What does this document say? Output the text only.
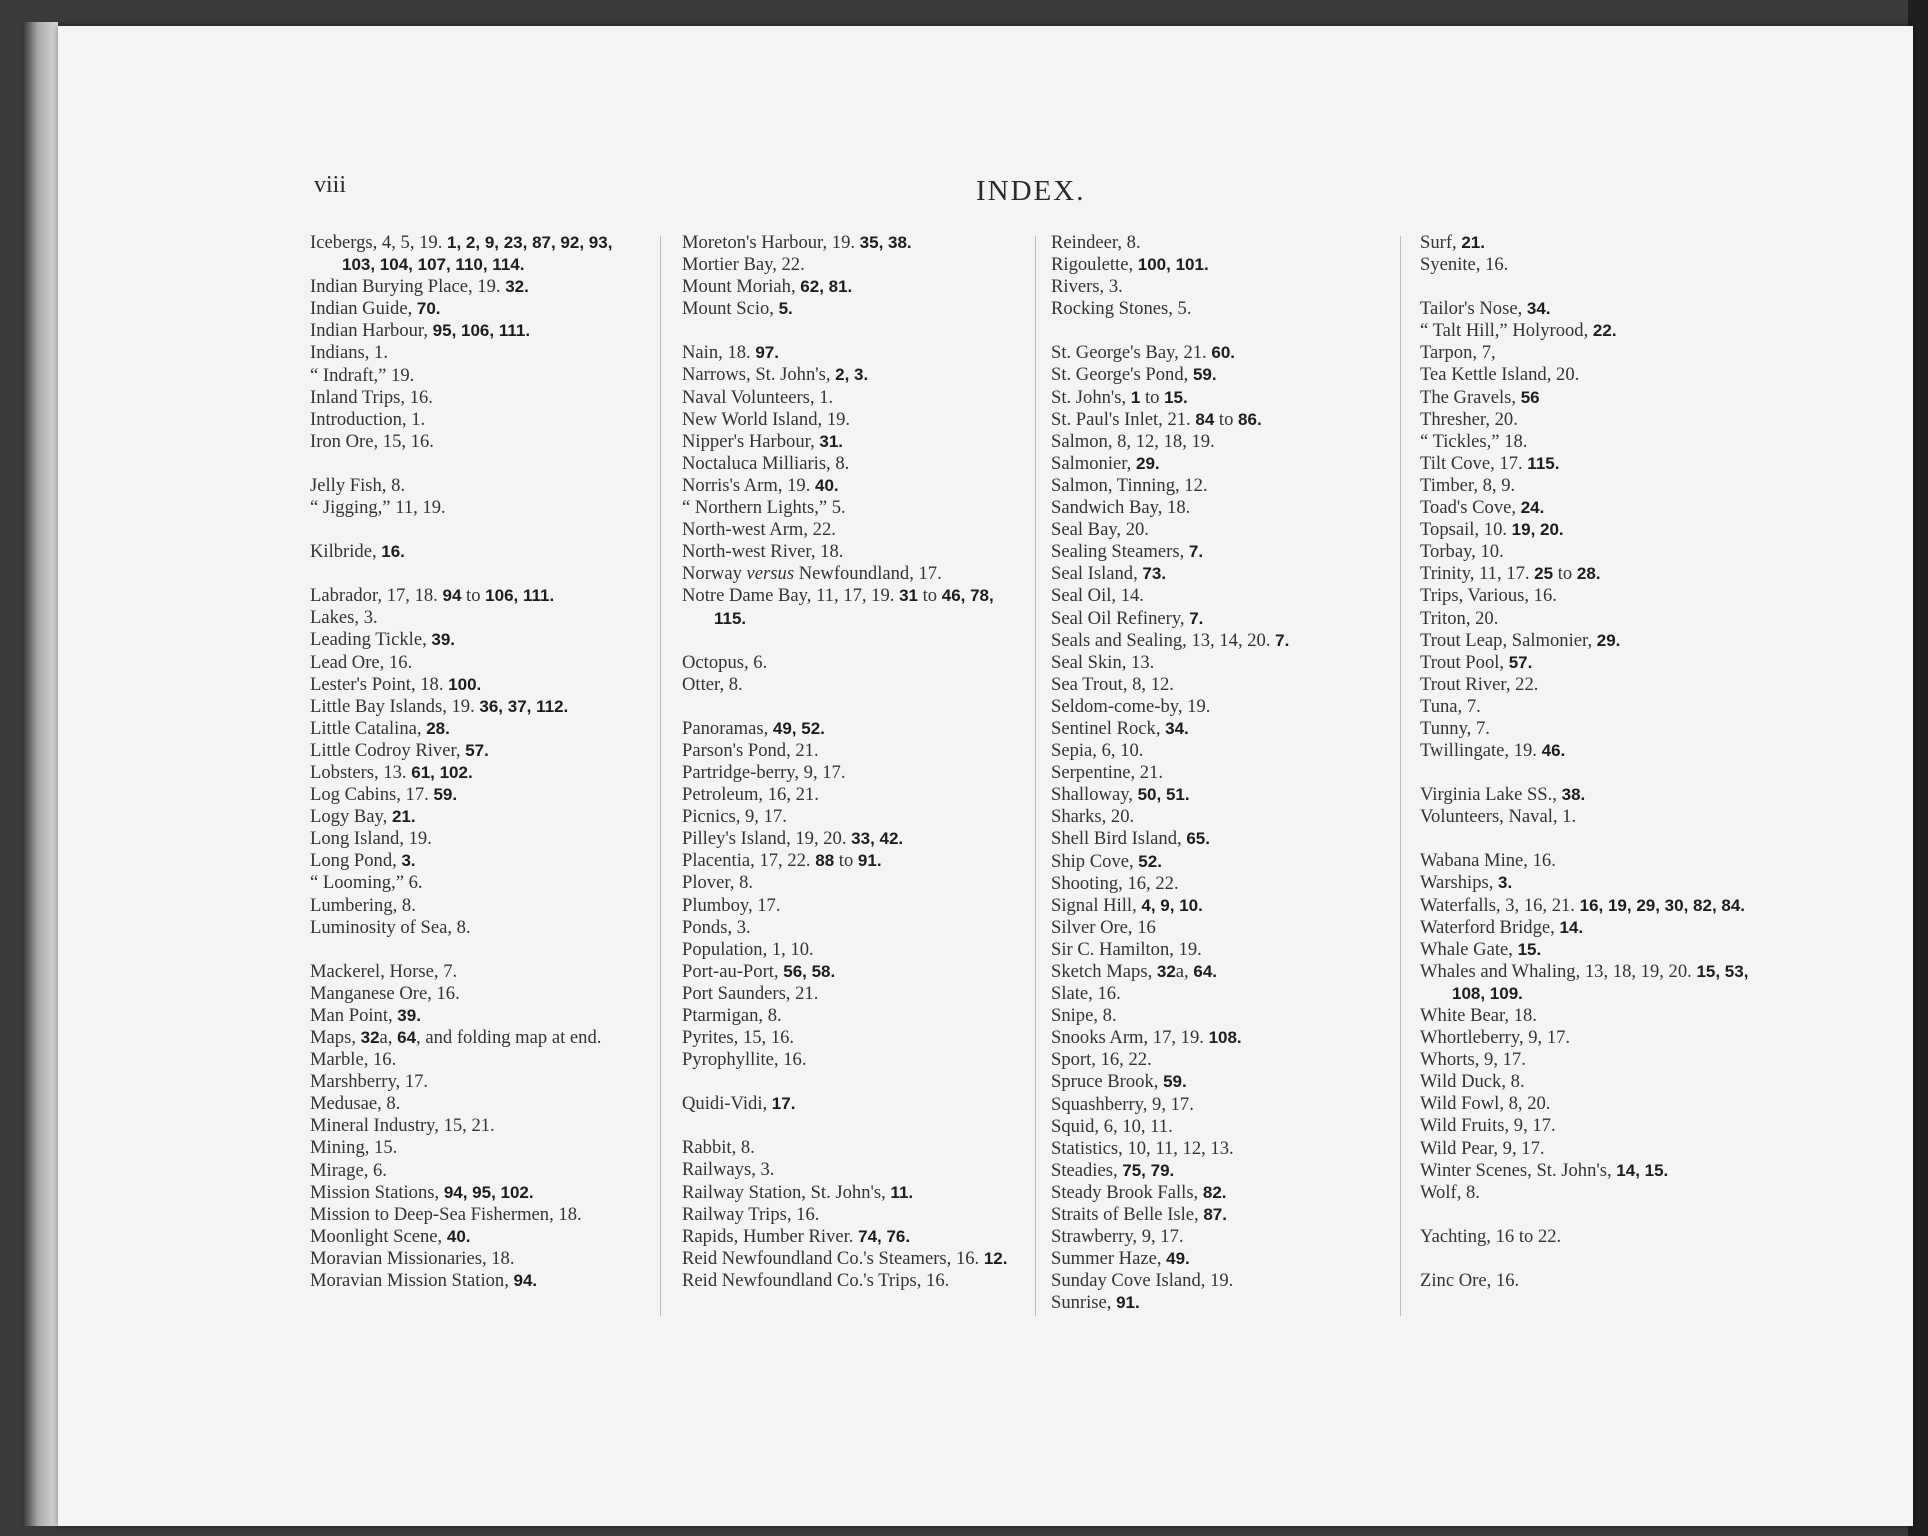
viii	INDEX.
Icebergs, 4, 5, 19. 1, 2, 9, 23, 87, 92, 93, 103, 104, 107, 110, 114.
Indian Burying Place, 19. 32.
Indian Guide, 70.
Indian Harbour, 95, 106, 111.
Indians, 1.
“ Indraft,” 19.
Inland Trips, 16.
Introduction, 1.
Iron Ore, 15, 16.
Jelly Fish, 8.
“ Jigging,” 11, 19.
Kilbride, 16.
Labrador, 17, 18. 94 to 106, 111.
Lakes, 3.
Leading Tickle, 39.
Lead Ore, 16.
Lester's Point, 18. 100.
Little Bay Islands, 19. 36, 37, 112.
Little Catalina, 28.
Little Codroy River, 57.
Lobsters, 13. 61, 102.
Log Cabins, 17. 59.
Logy Bay, 21.
Long Island, 19.
Long Pond, 3.
“ Looming,” 6.
Lumbering, 8.
Luminosity of Sea, 8.
Mackerel, Horse, 7.
Manganese Ore, 16.
Man Point, 39.
Maps, 32a, 64, and folding map at end.
Marble, 16.
Marshberry, 17.
Medusae, 8.
Mineral Industry, 15, 21.
Mining, 15.
Mirage, 6.
Mission Stations, 94, 95, 102.
Mission to Deep-Sea Fishermen, 18.
Moonlight Scene, 40.
Moravian Missionaries, 18.
Moravian Mission Station, 94.
Moreton's Harbour, 19. 35, 38.
Mortier Bay, 22.
Mount Moriah, 62, 81.
Mount Scio, 5.
Nain, 18. 97.
Narrows, St. John's, 2, 3.
Naval Volunteers, 1.
New World Island, 19.
Nipper's Harbour, 31.
Noctaluca Milliaris, 8.
Norris's Arm, 19. 40.
“ Northern Lights,” 5.
North-west Arm, 22.
North-west River, 18.
Norway versus Newfoundland, 17.
Notre Dame Bay, 11, 17, 19. 31 to 46, 78, 115.
Octopus, 6.
Otter, 8.
Panoramas, 49, 52.
Parson's Pond, 21.
Partridge-berry, 9, 17.
Petroleum, 16, 21.
Picnics, 9, 17.
Pilley's Island, 19, 20. 33, 42.
Placentia, 17, 22. 88 to 91.
Plover, 8.
Plumboy, 17.
Ponds, 3.
Population, 1, 10.
Port-au-Port, 56, 58.
Port Saunders, 21.
Ptarmigan, 8.
Pyrites, 15, 16.
Pyrophyllite, 16.
Quidi-Vidi, 17.
Rabbit, 8.
Railways, 3.
Railway Station, St. John's, 11.
Railway Trips, 16.
Rapids, Humber River. 74, 76.
Reid Newfoundland Co.'s Steamers, 16. 12.
Reid Newfoundland Co.'s Trips, 16.
Reindeer, 8.
Rigoulette, 100, 101.
Rivers, 3.
Rocking Stones, 5.
St. George's Bay, 21. 60.
St. George's Pond, 59.
St. John's, 1 to 15.
St. Paul's Inlet, 21. 84 to 86.
Salmon, 8, 12, 18, 19.
Salmonier, 29.
Salmon, Tinning, 12.
Sandwich Bay, 18.
Seal Bay, 20.
Sealing Steamers, 7.
Seal Island, 73.
Seal Oil, 14.
Seal Oil Refinery, 7.
Seals and Sealing, 13, 14, 20. 7.
Seal Skin, 13.
Sea Trout, 8, 12.
Seldom-come-by, 19.
Sentinel Rock, 34.
Sepia, 6, 10.
Serpentine, 21.
Shalloway, 50, 51.
Sharks, 20.
Shell Bird Island, 65.
Ship Cove, 52.
Shooting, 16, 22.
Signal Hill, 4, 9, 10.
Silver Ore, 16
Sir C. Hamilton, 19.
Sketch Maps, 32a, 64.
Slate, 16.
Snipe, 8.
Snooks Arm, 17, 19. 108.
Sport, 16, 22.
Spruce Brook, 59.
Squashberry, 9, 17.
Squid, 6, 10, 11.
Statistics, 10, 11, 12, 13.
Steadies, 75, 79.
Steady Brook Falls, 82.
Straits of Belle Isle, 87.
Strawberry, 9, 17.
Summer Haze, 49.
Sunday Cove Island, 19.
Sunrise, 91.
Surf, 21.
Syenite, 16.
Tailor's Nose, 34.
“ Talt Hill,” Holyrood, 22.
Tarpon, 7,
Tea Kettle Island, 20.
The Gravels, 56
Thresher, 20.
“ Tickles,” 18.
Tilt Cove, 17. 115.
Timber, 8, 9.
Toad's Cove, 24.
Topsail, 10. 19, 20.
Torbay, 10.
Trinity, 11, 17. 25 to 28.
Trips, Various, 16.
Triton, 20.
Trout Leap, Salmonier, 29.
Trout Pool, 57.
Trout River, 22.
Tuna, 7.
Tunny, 7.
Twillingate, 19. 46.
Virginia Lake SS., 38.
Volunteers, Naval, 1.
Wabana Mine, 16.
Warships, 3.
Waterfalls, 3, 16, 21. 16, 19, 29, 30, 82, 84.
Waterford Bridge, 14.
Whale Gate, 15.
Whales and Whaling, 13, 18, 19, 20. 15, 53, 108, 109.
White Bear, 18.
Whortleberry, 9, 17.
Whorts, 9, 17.
Wild Duck, 8.
Wild Fowl, 8, 20.
Wild Fruits, 9, 17.
Wild Pear, 9, 17.
Winter Scenes, St. John's, 14, 15.
Wolf, 8.
Yachting, 16 to 22.
Zinc Ore, 16.
